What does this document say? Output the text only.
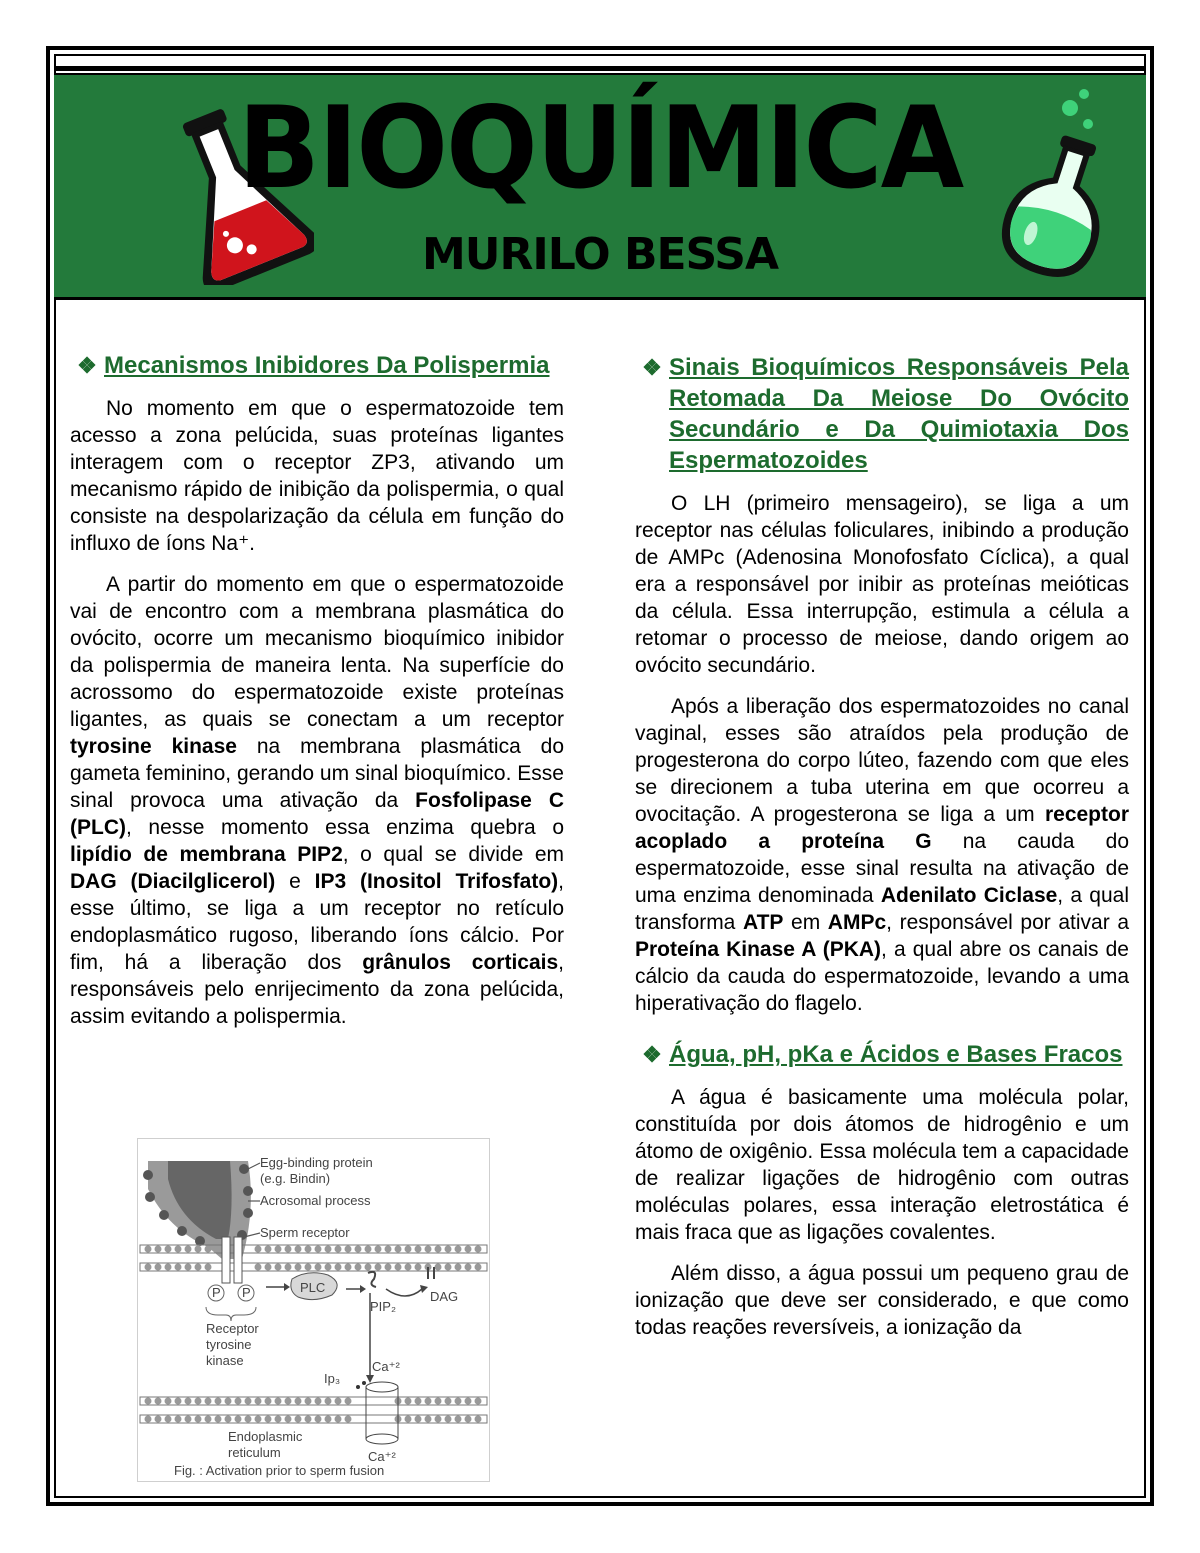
BIOQUÍMICA
MURILO BESSA
❖ Mecanismos Inibidores Da Polispermia

No momento em que o espermatozoide tem acesso a zona pelúcida, suas proteínas ligantes interagem com o receptor ZP3, ativando um mecanismo rápido de inibição da polispermia, o qual consiste na despolarização da célula em função do influxo de íons Na⁺.

A partir do momento em que o espermatozoide vai de encontro com a membrana plasmática do ovócito, ocorre um mecanismo bioquímico inibidor da polispermia de maneira lenta. Na superfície do acrossomo do espermatozoide existe proteínas ligantes, as quais se conectam a um receptor tyrosine kinase na membrana plasmática do gameta feminino, gerando um sinal bioquímico. Esse sinal provoca uma ativação da Fosfolipase C (PLC), nesse momento essa enzima quebra o lipídio de membrana PIP2, o qual se divide em DAG (Diacilglicerol) e IP3 (Inositol Trifosfato), esse último, se liga a um receptor no retículo endoplasmático rugoso, liberando íons cálcio. Por fim, há a liberação dos grânulos corticais, responsáveis pelo enrijecimento da zona pelúcida, assim evitando a polispermia.

Egg-binding protein
(e.g. Bindin)
Acrosomal process
Sperm receptor
P P
Receptor
tyrosine
kinase
PLC
PIP₂
DAG
Ip₃
Ca⁺²
Endoplasmic
reticulum	Ca⁺²
Fig. : Activation prior to sperm fusion
❖ Sinais Bioquímicos Responsáveis Pela Retomada Da Meiose Do Ovócito Secundário e Da Quimiotaxia Dos Espermatozoides

O LH (primeiro mensageiro), se liga a um receptor nas células foliculares, inibindo a produção de AMPc (Adenosina Monofosfato Cíclica), a qual era a responsável por inibir as proteínas meióticas da célula. Essa interrupção, estimula a célula a retomar o processo de meiose, dando origem ao ovócito secundário.

Após a liberação dos espermatozoides no canal vaginal, esses são atraídos pela produção de progesterona do corpo lúteo, fazendo com que eles se direcionem a tuba uterina em que ocorreu a ovocitação. A progesterona se liga a um receptor acoplado a proteína G na cauda do espermatozoide, esse sinal resulta na ativação de uma enzima denominada Adenilato Ciclase, a qual transforma ATP em AMPc, responsável por ativar a Proteína Kinase A (PKA), a qual abre os canais de cálcio da cauda do espermatozoide, levando a uma hiperativação do flagelo.

❖ Água, pH, pKa e Ácidos e Bases Fracos

A água é basicamente uma molécula polar, constituída por dois átomos de hidrogênio e um átomo de oxigênio. Essa molécula tem a capacidade de realizar ligações de hidrogênio com outras moléculas polares, essa interação eletrostática é mais fraca que as ligações covalentes.

Além disso, a água possui um pequeno grau de ionização que deve ser considerado, e que como todas reações reversíveis, a ionização da
